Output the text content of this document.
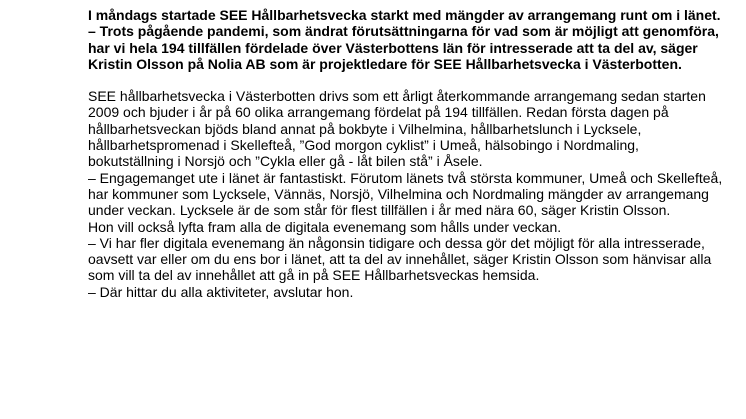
I måndags startade SEE Hållbarhetsvecka starkt med mängder av arrangemang runt om i länet.

– Trots pågående pandemi, som ändrat förutsättningarna för vad som är möjligt att genomföra, har vi hela 194 tillfällen fördelade över Västerbottens län för intresserade att ta del av, säger Kristin Olsson på Nolia AB som är projektledare för SEE Hållbarhetsvecka i Västerbotten.

SEE hållbarhetsvecka i Västerbotten drivs som ett årligt återkommande arrangemang sedan starten 2009 och bjuder i år på 60 olika arrangemang fördelat på 194 tillfällen. Redan första dagen på hållbarhetsveckan bjöds bland annat på bokbyte i Vilhelmina, hållbarhetslunch i Lycksele, hållbarhetspromenad i Skellefteå, ”God morgon cyklist” i Umeå, hälsobingo i Nordmaling, bokutställning i Norsjö och ”Cykla eller gå - låt bilen stå” i Åsele.

– Engagemanget ute i länet är fantastiskt. Förutom länets två största kommuner, Umeå och Skellefteå, har kommuner som Lycksele, Vännäs, Norsjö, Vilhelmina och Nordmaling mängder av arrangemang under veckan. Lycksele är de som står för flest tillfällen i år med nära 60, säger Kristin Olsson.

Hon vill också lyfta fram alla de digitala evenemang som hålls under veckan.

– Vi har fler digitala evenemang än någonsin tidigare och dessa gör det möjligt för alla intresserade, oavsett var eller om du ens bor i länet, att ta del av innehållet, säger Kristin Olsson som hänvisar alla som vill ta del av innehållet att gå in på SEE Hållbarhetsveckas hemsida.

– Där hittar du alla aktiviteter, avslutar hon.
